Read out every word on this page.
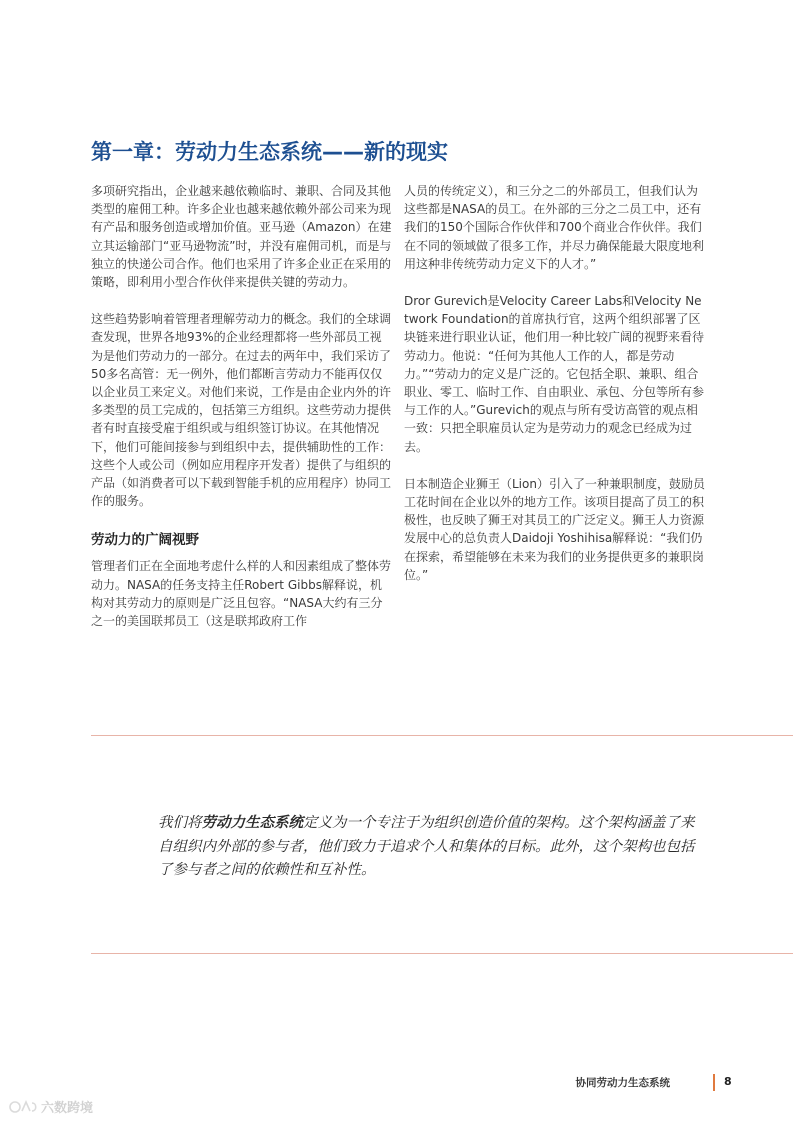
第一章：劳动力生态系统——新的现实

多项研究指出，企业越来越依赖临时、兼职、合同及其他类型的雇佣工种。许多企业也越来越依赖外部公司来为现有产品和服务创造或增加价值。亚马逊（Amazon）在建立其运输部门“亚马逊物流”时，并没有雇佣司机，而是与独立的快递公司合作。他们也采用了许多企业正在采用的策略，即利用小型合作伙伴来提供关键的劳动力。

这些趋势影响着管理者理解劳动力的概念。我们的全球调查发现，世界各地93%的企业经理都将一些外部员工视为是他们劳动力的一部分。在过去的两年中，我们采访了50多名高管：无一例外，他们都断言劳动力不能再仅仅以企业员工来定义。对他们来说，工作是由企业内外的许多类型的员工完成的，包括第三方组织。这些劳动力提供者有时直接受雇于组织或与组织签订协议。在其他情况下，他们可能间接参与到组织中去，提供辅助性的工作：这些个人或公司（例如应用程序开发者）提供了与组织的产品（如消费者可以下载到智能手机的应用程序）协同工作的服务。

劳动力的广阔视野

管理者们正在全面地考虑什么样的人和因素组成了整体劳动力。NASA的任务支持主任Robert Gibbs解释说，机构对其劳动力的原则是广泛且包容。“NASA大约有三分之一的美国联邦员工（这是联邦政府工作

人员的传统定义），和三分之二的外部员工，但我们认为这些都是NASA的员工。在外部的三分之二员工中，还有我们的150个国际合作伙伴和700个商业合作伙伴。我们在不同的领域做了很多工作，并尽力确保能最大限度地利用这种非传统劳动力定义下的人才。”

Dror Gurevich是Velocity Career Labs和Velocity Network Foundation的首席执行官，这两个组织部署了区块链来进行职业认证，他们用一种比较广阔的视野来看待劳动力。他说：“任何为其他人工作的人，都是劳动力。”“劳动力的定义是广泛的。它包括全职、兼职、组合职业、零工、临时工作、自由职业、承包、分包等所有参与工作的人。”Gurevich的观点与所有受访高管的观点相一致：只把全职雇员认定为是劳动力的观念已经成为过去。

日本制造企业狮王（Lion）引入了一种兼职制度，鼓励员工花时间在企业以外的地方工作。该项目提高了员工的积极性，也反映了狮王对其员工的广泛定义。狮王人力资源发展中心的总负责人Daidoji Yoshihisa解释说：“我们仍在探索，希望能够在未来为我们的业务提供更多的兼职岗位。”

我们将劳动力生态系统定义为一个专注于为组织创造价值的架构。这个架构涵盖了来自组织内外部的参与者，他们致力于追求个人和集体的目标。此外，这个架构也包括了参与者之间的依赖性和互补性。
协同劳动力生态系统	8
六数跨境
